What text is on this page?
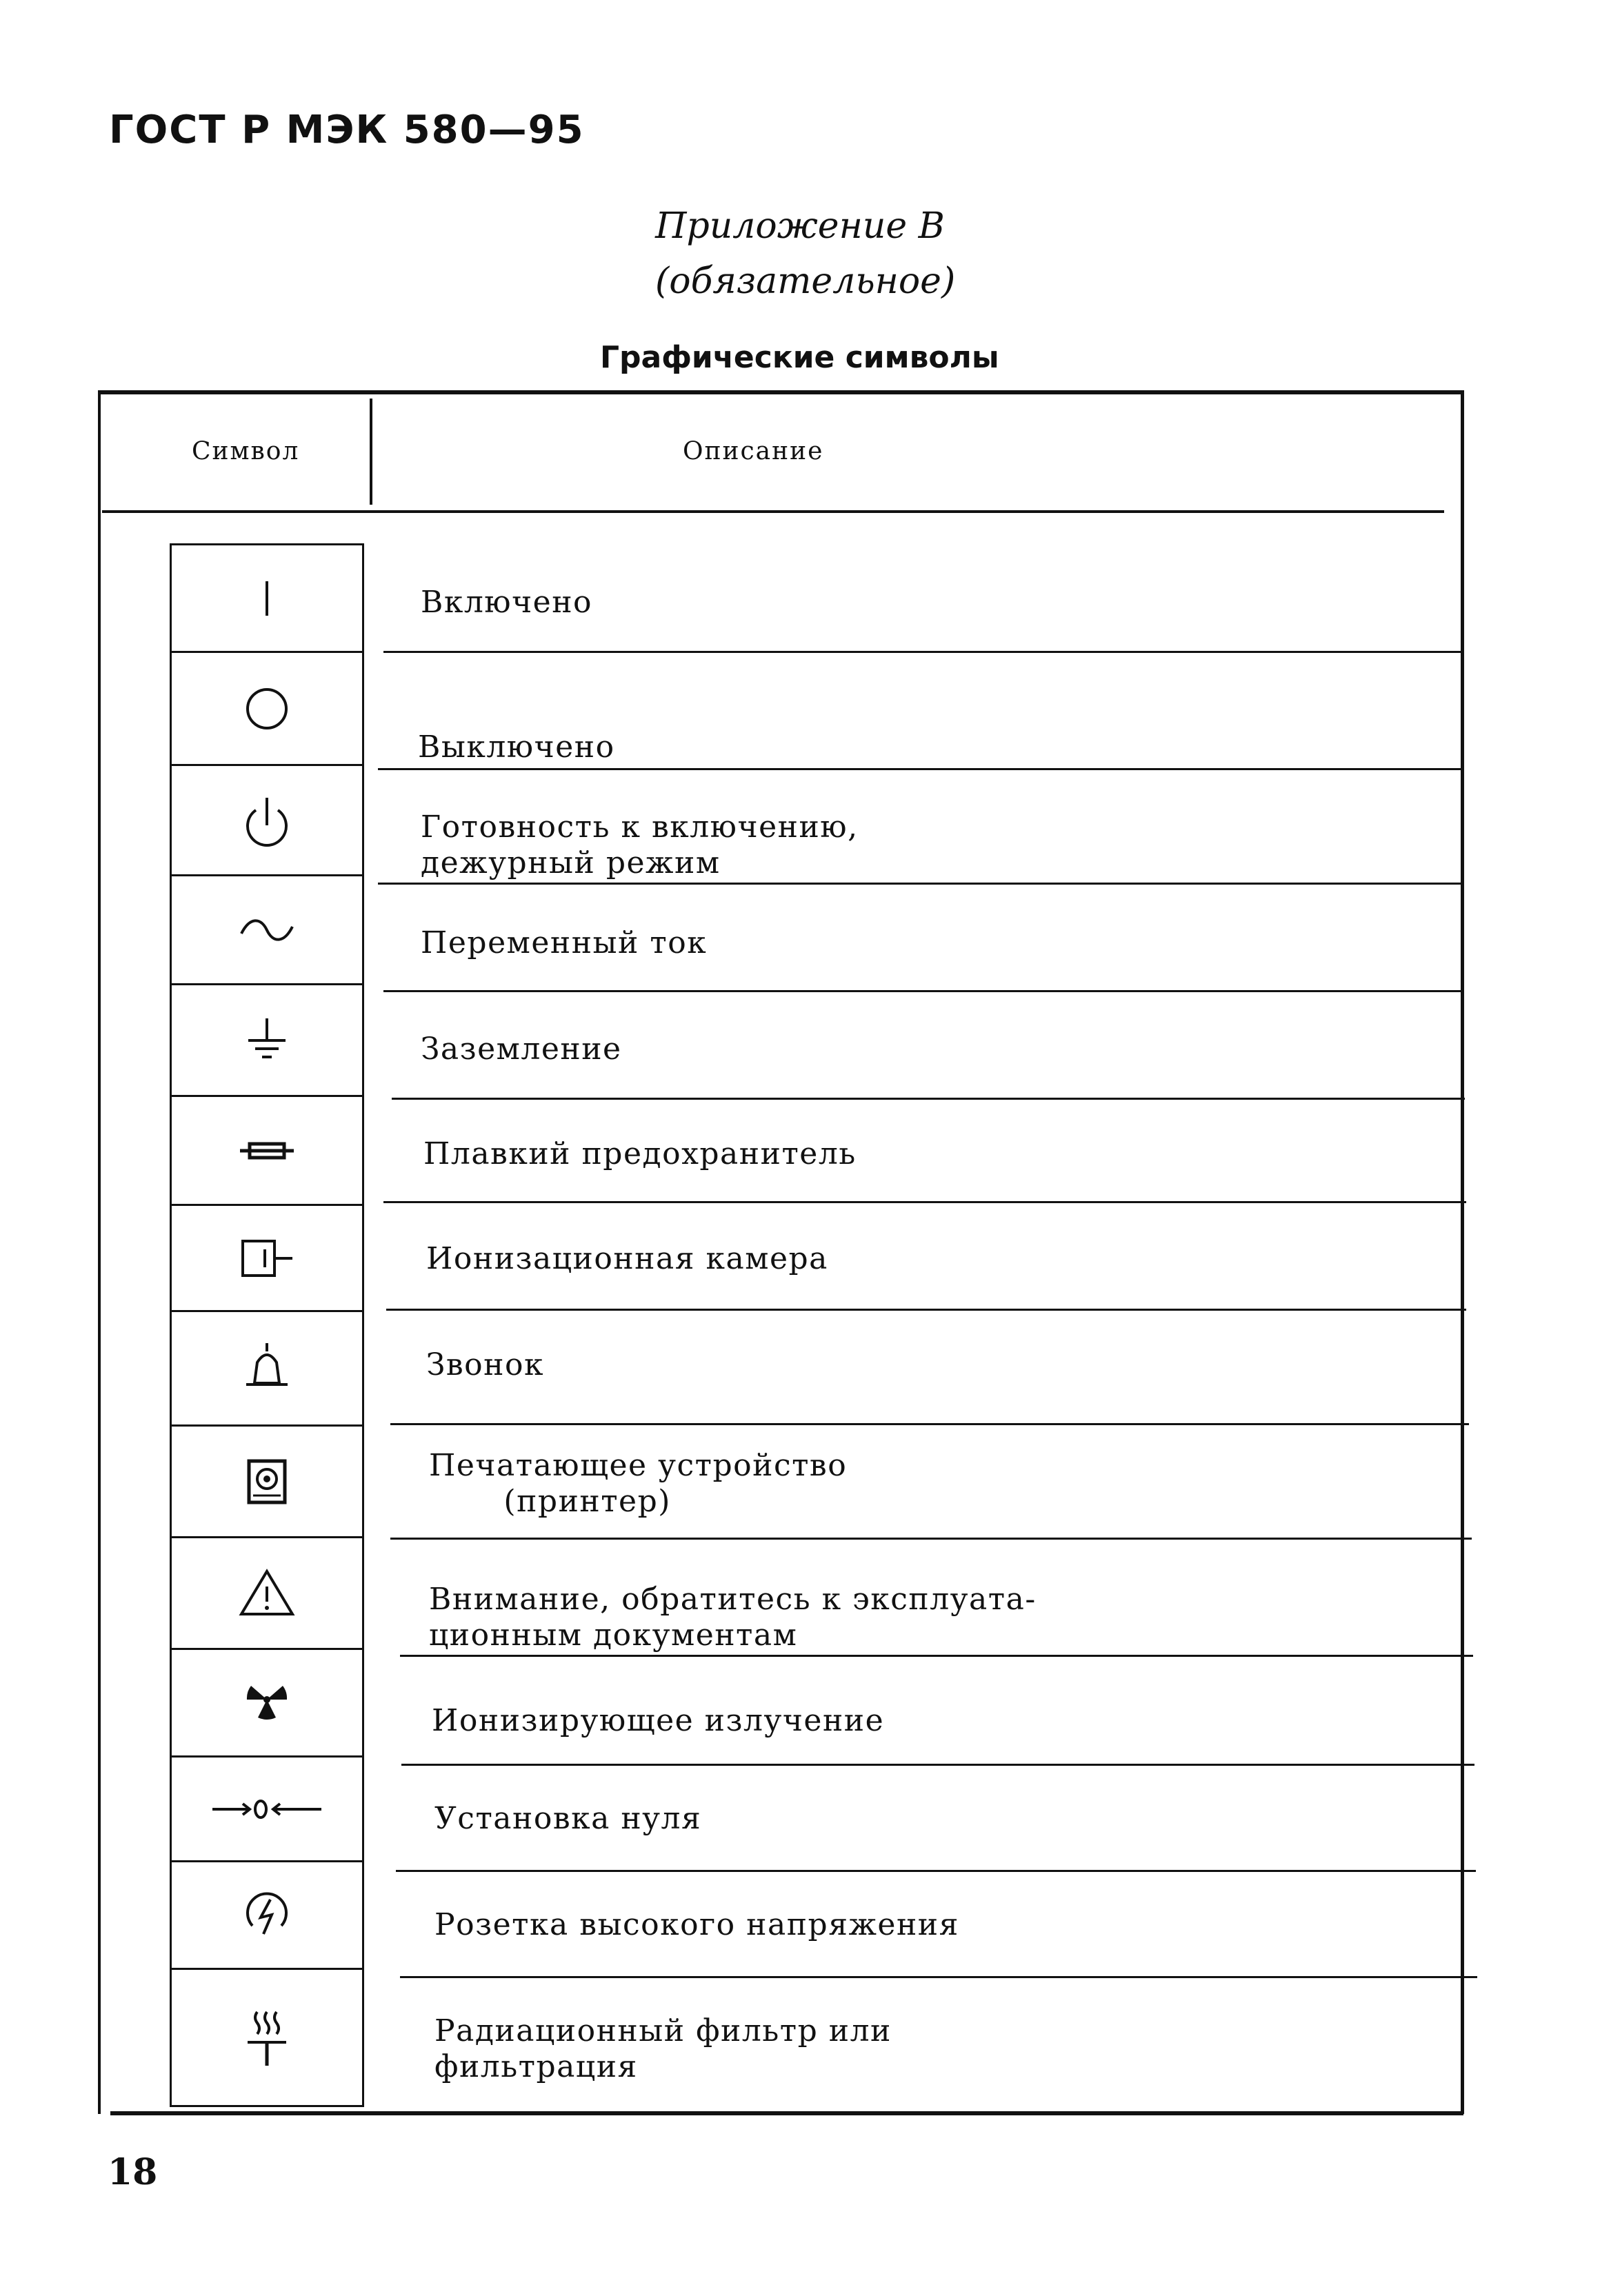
ГОСТ Р МЭК 580—95
Приложение В
(обязательное)
Графические символы
Символ	Описание
Включено
Выключено
Готовность к включению,
дежурный режим
Переменный ток
Заземление
Плавкий предохранитель
Ионизационная камера
Звонок
Печатающее устройство
(принтер)
Внимание, обратитесь к эксплуата-
ционным документам
Ионизирующее излучение
Установка нуля
Розетка высокого напряжения
Радиационный фильтр или
фильтрация
18
